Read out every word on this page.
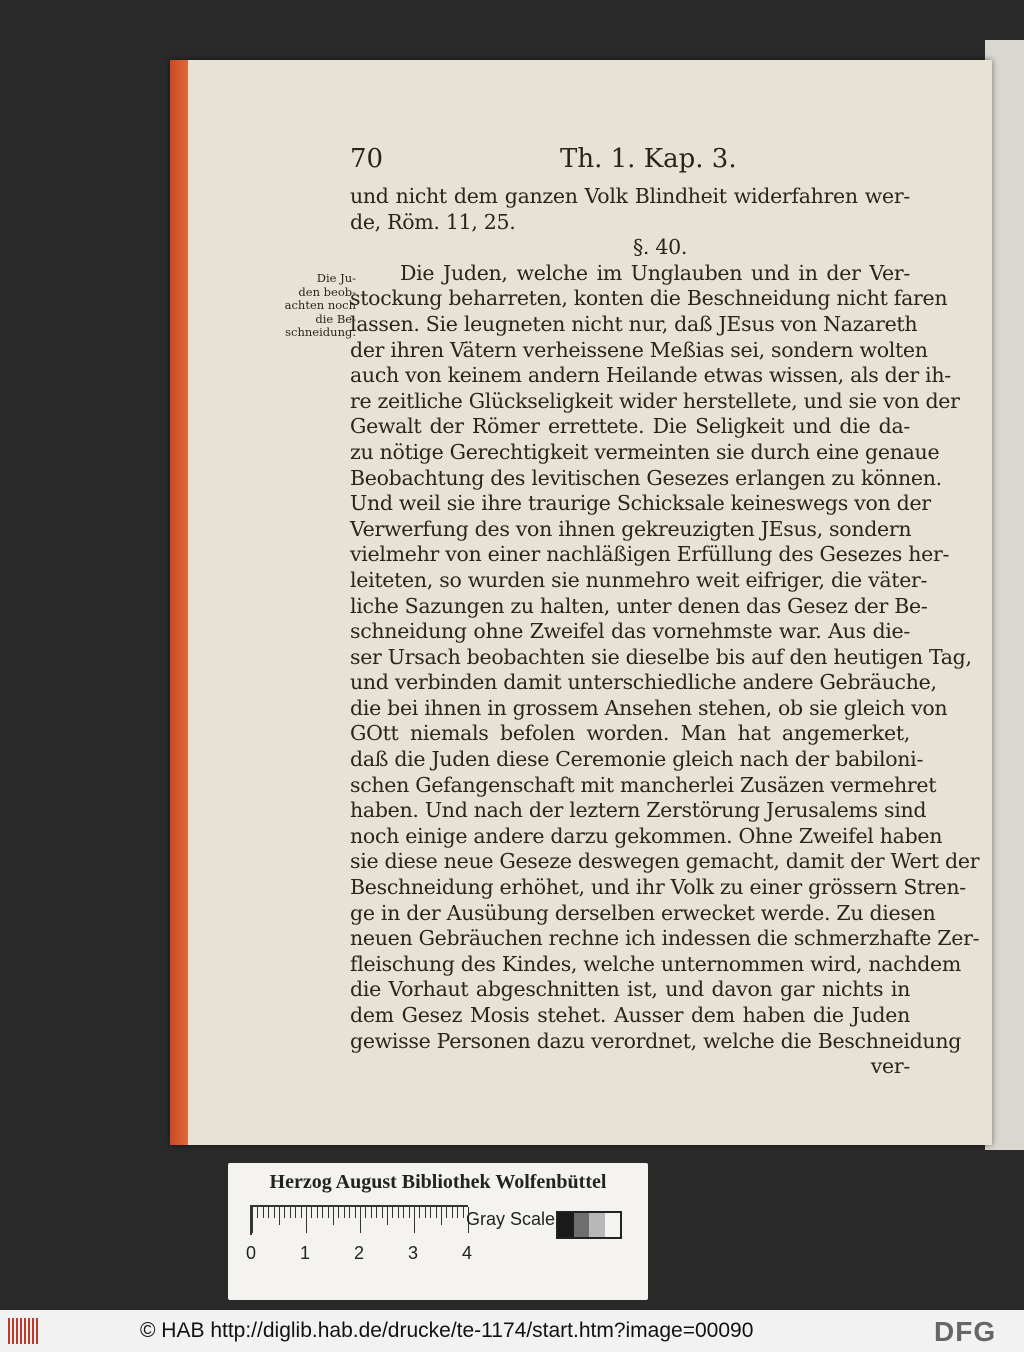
70	Th. 1. Kap. 3.
Die Ju-
den beob-
achten noch
die Be-
schneidung.
und nicht dem ganzen Volk Blindheit widerfahren wer-
de, Röm. 11, 25.
§. 40.
Die Juden, welche im Unglauben und in der Ver-
stockung beharreten, konten die Beschneidung nicht faren
lassen. Sie leugneten nicht nur, daß JEsus von Nazareth
der ihren Vätern verheissene Meßias sei, sondern wolten
auch von keinem andern Heilande etwas wissen, als der ih-
re zeitliche Glückseligkeit wider herstellete, und sie von der
Gewalt der Römer errettete. Die Seligkeit und die da-
zu nötige Gerechtigkeit vermeinten sie durch eine genaue
Beobachtung des levitischen Gesezes erlangen zu können.
Und weil sie ihre traurige Schicksale keineswegs von der
Verwerfung des von ihnen gekreuzigten JEsus, sondern
vielmehr von einer nachläßigen Erfüllung des Gesezes her-
leiteten, so wurden sie nunmehro weit eifriger, die väter-
liche Sazungen zu halten, unter denen das Gesez der Be-
schneidung ohne Zweifel das vornehmste war. Aus die-
ser Ursach beobachten sie dieselbe bis auf den heutigen Tag,
und verbinden damit unterschiedliche andere Gebräuche,
die bei ihnen in grossem Ansehen stehen, ob sie gleich von
GOtt niemals befolen worden. Man hat angemerket,
daß die Juden diese Ceremonie gleich nach der babiloni-
schen Gefangenschaft mit mancherlei Zusäzen vermehret
haben. Und nach der leztern Zerstörung Jerusalems sind
noch einige andere darzu gekommen. Ohne Zweifel haben
sie diese neue Geseze deswegen gemacht, damit der Wert der
Beschneidung erhöhet, und ihr Volk zu einer grössern Stren-
ge in der Ausübung derselben erwecket werde. Zu diesen
neuen Gebräuchen rechne ich indessen die schmerzhafte Zer-
fleischung des Kindes, welche unternommen wird, nachdem
die Vorhaut abgeschnitten ist, und davon gar nichts in
dem Gesez Mosis stehet. Ausser dem haben die Juden
gewisse Personen dazu verordnet, welche die Beschneidung
ver-
Herzog August Bibliothek Wolfenbüttel
0 1 2 3 4
Gray Scale
© HAB http://diglib.hab.de/drucke/te-1174/start.htm?image=00090	DFG
